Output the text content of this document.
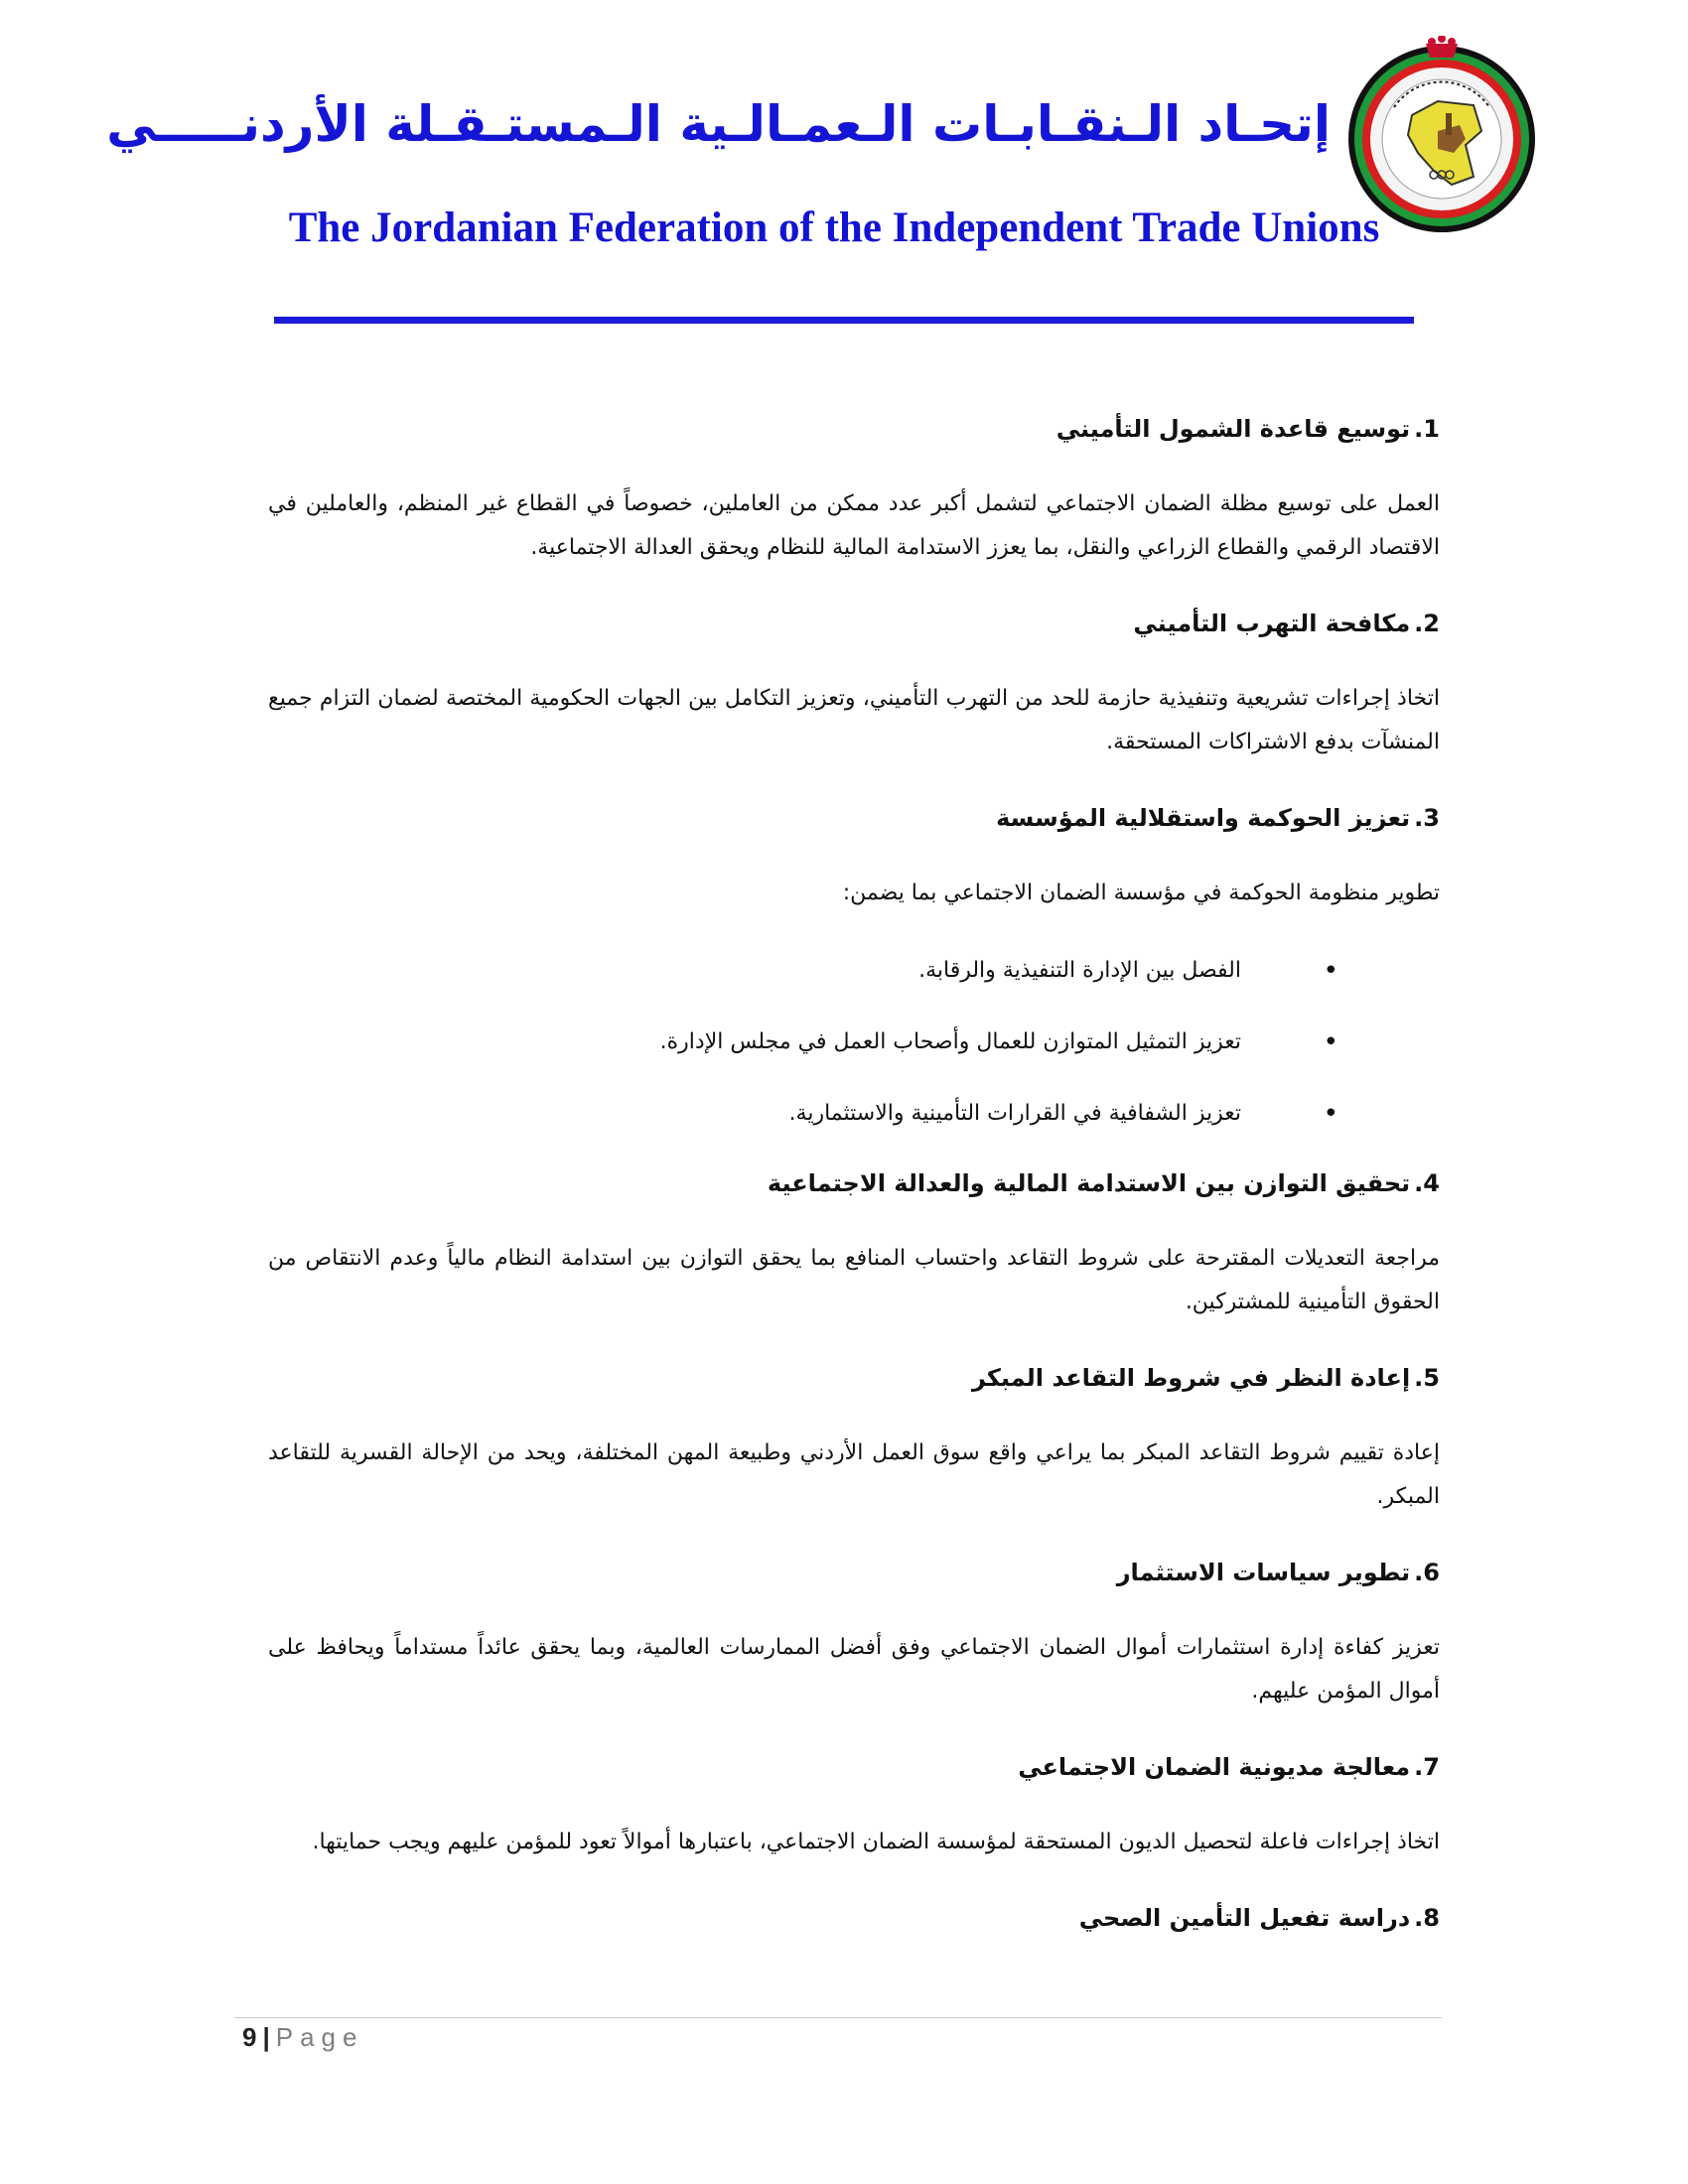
إتحـاد الـنقـابـات الـعمـالـية الـمستـقـلة الأردنـــــي
The Jordanian Federation of the Independent Trade Unions
1.توسيع قاعدة الشمول التأميني

العمل على توسيع مظلة الضمان الاجتماعي لتشمل أكبر عدد ممكن من العاملين، خصوصاً في القطاع غير المنظم، والعاملين في الاقتصاد الرقمي والقطاع الزراعي والنقل، بما يعزز الاستدامة المالية للنظام ويحقق العدالة الاجتماعية.

2.مكافحة التهرب التأميني

اتخاذ إجراءات تشريعية وتنفيذية حازمة للحد من التهرب التأميني، وتعزيز التكامل بين الجهات الحكومية المختصة لضمان التزام جميع المنشآت بدفع الاشتراكات المستحقة.

3.تعزيز الحوكمة واستقلالية المؤسسة

تطوير منظومة الحوكمة في مؤسسة الضمان الاجتماعي بما يضمن:

•
الفصل بين الإدارة التنفيذية والرقابة.
•
تعزيز التمثيل المتوازن للعمال وأصحاب العمل في مجلس الإدارة.
•
تعزيز الشفافية في القرارات التأمينية والاستثمارية.
4.تحقيق التوازن بين الاستدامة المالية والعدالة الاجتماعية

مراجعة التعديلات المقترحة على شروط التقاعد واحتساب المنافع بما يحقق التوازن بين استدامة النظام مالياً وعدم الانتقاص من الحقوق التأمينية للمشتركين.

5.إعادة النظر في شروط التقاعد المبكر

إعادة تقييم شروط التقاعد المبكر بما يراعي واقع سوق العمل الأردني وطبيعة المهن المختلفة، ويحد من الإحالة القسرية للتقاعد المبكر.

6.تطوير سياسات الاستثمار

تعزيز كفاءة إدارة استثمارات أموال الضمان الاجتماعي وفق أفضل الممارسات العالمية، وبما يحقق عائداً مستداماً ويحافظ على أموال المؤمن عليهم.

7.معالجة مديونية الضمان الاجتماعي

اتخاذ إجراءات فاعلة لتحصيل الديون المستحقة لمؤسسة الضمان الاجتماعي، باعتبارها أموالاً تعود للمؤمن عليهم ويجب حمايتها.

8.دراسة تفعيل التأمين الصحي
9 | Page
